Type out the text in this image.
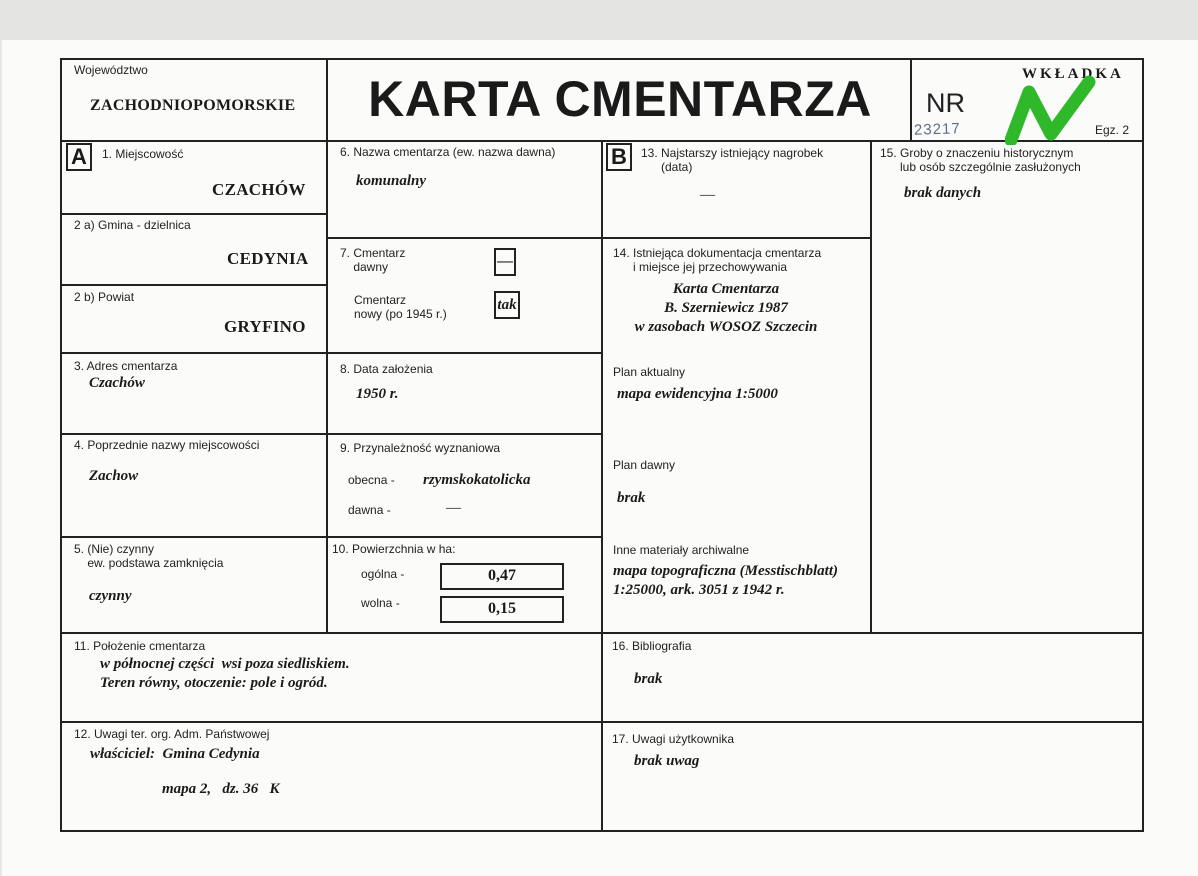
Województwo
ZACHODNIOPOMORSKIE	KARTA CMENTARZA	WKŁADKA
NR
23217	Egz. 2
A	B
1. Miejscowość
CZACHÓW
2 a) Gmina - dzielnica
CEDYNIA
2 b) Powiat
GRYFINO
3. Adres cmentarza
Czachów
4. Poprzednie nazwy miejscowości
Zachow
5. (Nie) czynny
ew. podstawa zamknięcia
czynny
6. Nazwa cmentarza (ew. nazwa dawna)
komunalny
7. Cmentarz
dawny	—
Cmentarz
nowy (po 1945 r.)
tak
8. Data założenia
1950 r.
9. Przynależność wyznaniowa
obecna - rzymskokatolicka
dawna -	—
10. Powierzchnia w ha:
ogólna -	0,47
wolna -	0,15
13. Najstarszy istniejący nagrobek
(data)
—
14. Istniejąca dokumentacja cmentarza
i miejsce jej przechowywania
Karta Cmentarza
B. Szerniewicz 1987
w zasobach WOSOZ Szczecin
Plan aktualny
mapa ewidencyjna 1:5000
Plan dawny
brak
Inne materiały archiwalne
mapa topograficzna (Messtischblatt)
1:25000, ark. 3051 z 1942 r.
15. Groby o znaczeniu historycznym
lub osób szczególnie zasłużonych
brak danych
11. Położenie cmentarza
w północnej części  wsi poza siedliskiem.
Teren równy, otoczenie: pole i ogród.
16. Bibliografia
brak
12. Uwagi ter. org. Adm. Państwowej
właściciel:  Gmina Cedynia
mapa 2,   dz. 36   K
17. Uwagi użytkownika
brak uwag
